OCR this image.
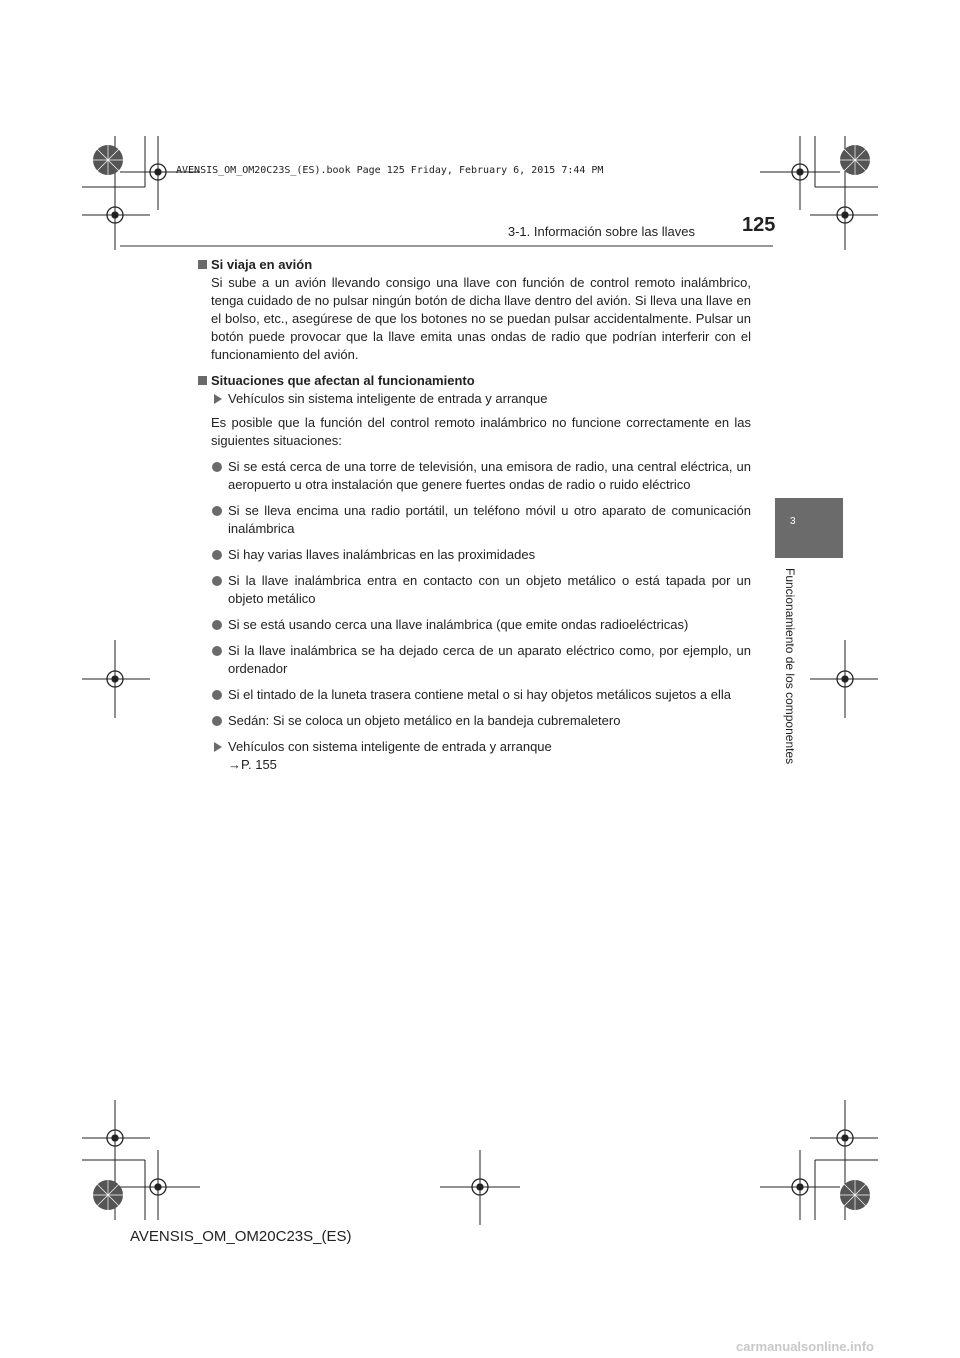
AVENSIS_OM_OM20C23S_(ES).book Page 125 Friday, February 6, 2015 7:44 PM
3-1. Información sobre las llaves 125
3
Funcionamiento de los componentes

Si viaja en avión

Si sube a un avión llevando consigo una llave con función de control remoto inalámbrico, tenga cuidado de no pulsar ningún botón de dicha llave dentro del avión. Si lleva una llave en el bolso, etc., asegúrese de que los botones no se puedan pulsar accidentalmente. Pulsar un botón puede provocar que la llave emita unas ondas de radio que podrían interferir con el funcionamiento del avión.

Situaciones que afectan al funcionamiento

Vehículos sin sistema inteligente de entrada y arranque

Es posible que la función del control remoto inalámbrico no funcione correctamente en las siguientes situaciones:

Si se está cerca de una torre de televisión, una emisora de radio, una central eléctrica, un aeropuerto u otra instalación que genere fuertes ondas de radio o ruido eléctrico

Si se lleva encima una radio portátil, un teléfono móvil u otro aparato de comunicación inalámbrica

Si hay varias llaves inalámbricas en las proximidades

Si la llave inalámbrica entra en contacto con un objeto metálico o está tapada por un objeto metálico

Si se está usando cerca una llave inalámbrica (que emite ondas radioeléctricas)

Si la llave inalámbrica se ha dejado cerca de un aparato eléctrico como, por ejemplo, un ordenador

Si el tintado de la luneta trasera contiene metal o si hay objetos metálicos sujetos a ella

Sedán: Si se coloca un objeto metálico en la bandeja cubremaletero

Vehículos con sistema inteligente de entrada y arranque

→P. 155

AVENSIS_OM_OM20C23S_(ES)
carmanualsonline.info
